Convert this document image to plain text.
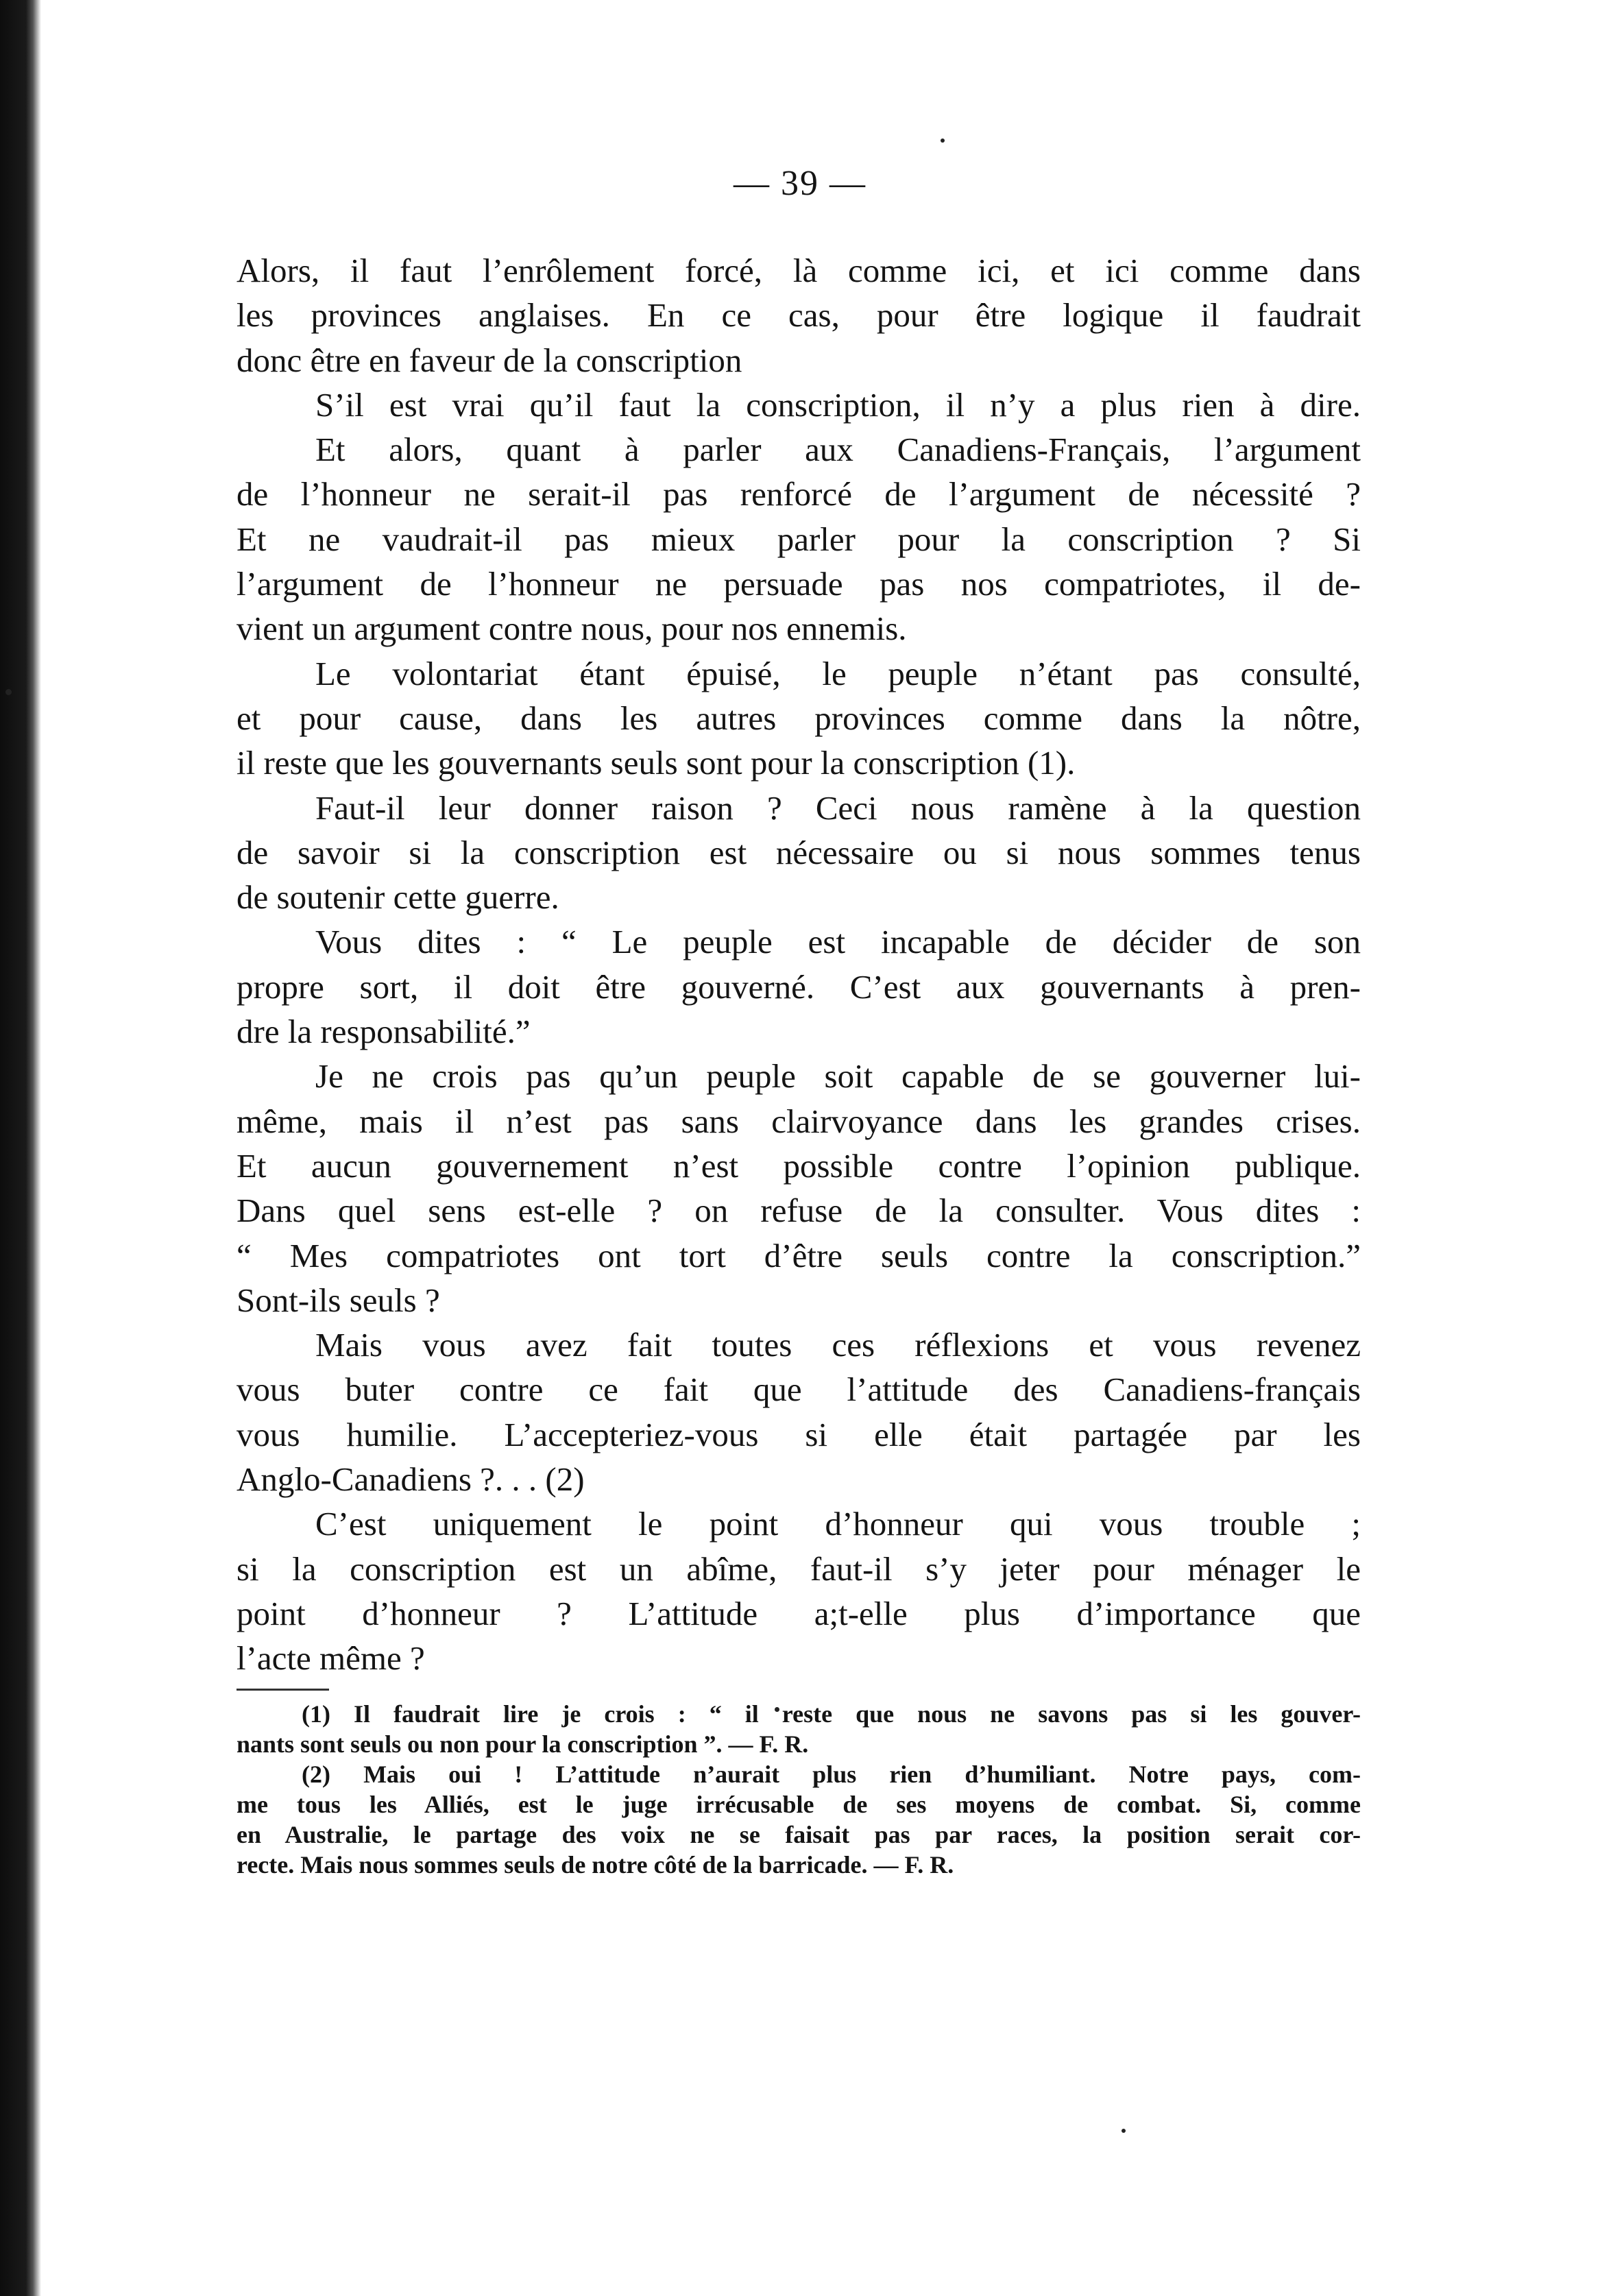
— 39 —
Alors, il faut l’enrôlement forcé, là comme ici, et ici comme dans
les provinces anglaises. En ce cas, pour être logique il faudrait
donc être en faveur de la conscription
S’il est vrai qu’il faut la conscription, il n’y a plus rien à dire.
Et alors, quant à parler aux Canadiens-Français, l’argument
de l’honneur ne serait-il pas renforcé de l’argument de nécessité ?
Et ne vaudrait-il pas mieux parler pour la conscription ? Si
l’argument de l’honneur ne persuade pas nos compatriotes, il de-
vient un argument contre nous, pour nos ennemis.
Le volontariat étant épuisé, le peuple n’étant pas consulté,
et pour cause, dans les autres provinces comme dans la nôtre,
il reste que les gouvernants seuls sont pour la conscription (1).
Faut-il leur donner raison ? Ceci nous ramène à la question
de savoir si la conscription est nécessaire ou si nous sommes tenus
de soutenir cette guerre.
Vous dites : “ Le peuple est incapable de décider de son
propre sort, il doit être gouverné. C’est aux gouvernants à pren-
dre la responsabilité.”
Je ne crois pas qu’un peuple soit capable de se gouverner lui-
même, mais il n’est pas sans clairvoyance dans les grandes crises.
Et aucun gouvernement n’est possible contre l’opinion publique.
Dans quel sens est-elle ? on refuse de la consulter. Vous dites :
“ Mes compatriotes ont tort d’être seuls contre la conscription.”
Sont-ils seuls ?
Mais vous avez fait toutes ces réflexions et vous revenez
vous buter contre ce fait que l’attitude des Canadiens-français
vous humilie. L’accepteriez-vous si elle était partagée par les
Anglo-Canadiens ?. . . (2)
C’est uniquement le point d’honneur qui vous trouble ;
si la conscription est un abîme, faut-il s’y jeter pour ménager le
point d’honneur ? L’attitude a;t-elle plus d’importance que
l’acte même ?
(1) Il faudrait lire je crois : “ il reste que nous ne savons pas si les gouver-
nants sont seuls ou non pour la conscription ”. — F. R.
(2) Mais oui ! L’attitude n’aurait plus rien d’humiliant. Notre pays, com-
me tous les Alliés, est le juge irrécusable de ses moyens de combat. Si, comme
en Australie, le partage des voix ne se faisait pas par races, la position serait cor-
recte. Mais nous sommes seuls de notre côté de la barricade. — F. R.
